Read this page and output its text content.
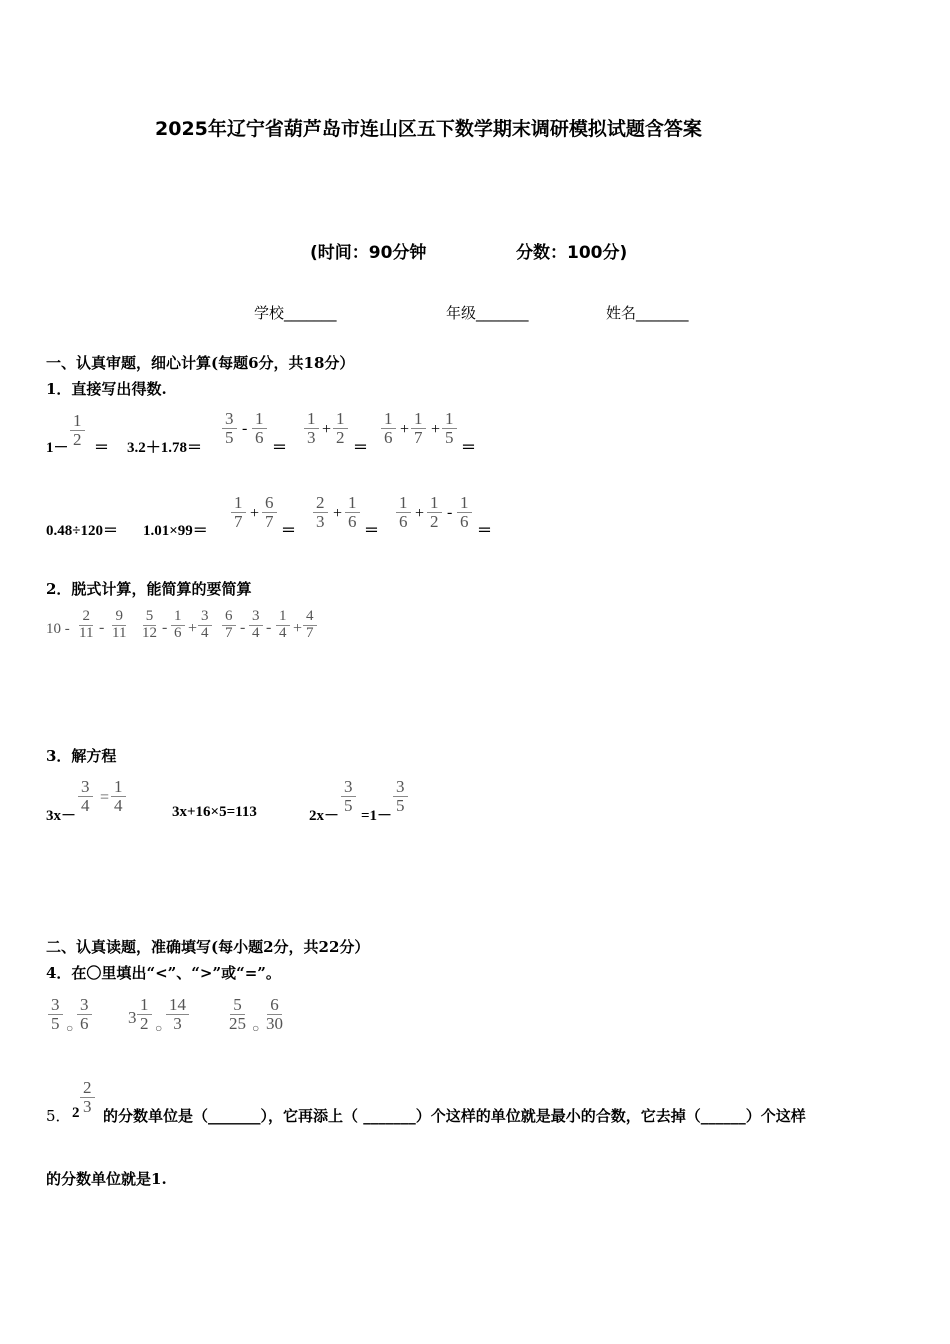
2025年辽宁省葫芦岛市连山区五下数学期末调研模拟试题含答案
(时间：90分钟	分数：100分)
学校_______	年级_______	姓名_______
一、认真审题，细心计算(每题6分，共18分）
1．直接写出得数.
$1- \frac{1}{2} = 3.2+1.78=$
$\frac{3}{5} - \frac{1}{6}$
＝
$\frac{1}{3} + \frac{1}{2}$
＝
$\frac{1}{6} + \frac{1}{7} + \frac{1}{5}$
＝
0.48÷120＝ 1.01×99＝
$\frac{1}{7} + \frac{6}{7}$
＝
$\frac{2}{3} + \frac{1}{6}$
＝
$\frac{1}{6} + \frac{1}{2} - \frac{1}{6}$
＝
2．脱式计算，能简算的要简算
$10 - \frac{2}{11} - \frac{9}{11} \frac{5}{12} - \frac{1}{6} + \frac{3}{4} \frac{6}{7} - \frac{3}{4} - \frac{1}{4} + \frac{4}{7}$
3．解方程
3x－
$\frac{3}{4} = \frac{1}{4}$	3x+16×5=113	2x－
$\frac{3}{5}$
=1－
$\frac{3}{5}$
二、认真读题，准确填写(每小题2分，共22分）
4．在〇里填出“<”、“>”或“=”。
$\frac{3}{5}$ ○ $\frac{3}{6} 3 \frac{1}{2}$ ○ $\frac{14}{3} \frac{5}{25}$ ○ $\frac{6}{30}$
5． $2 \frac{2}{3}$
的分数单位是（_______），它再添上（ _______）个这样的单位就是最小的合数，它去掉（______）个这样
的分数单位就是1.
